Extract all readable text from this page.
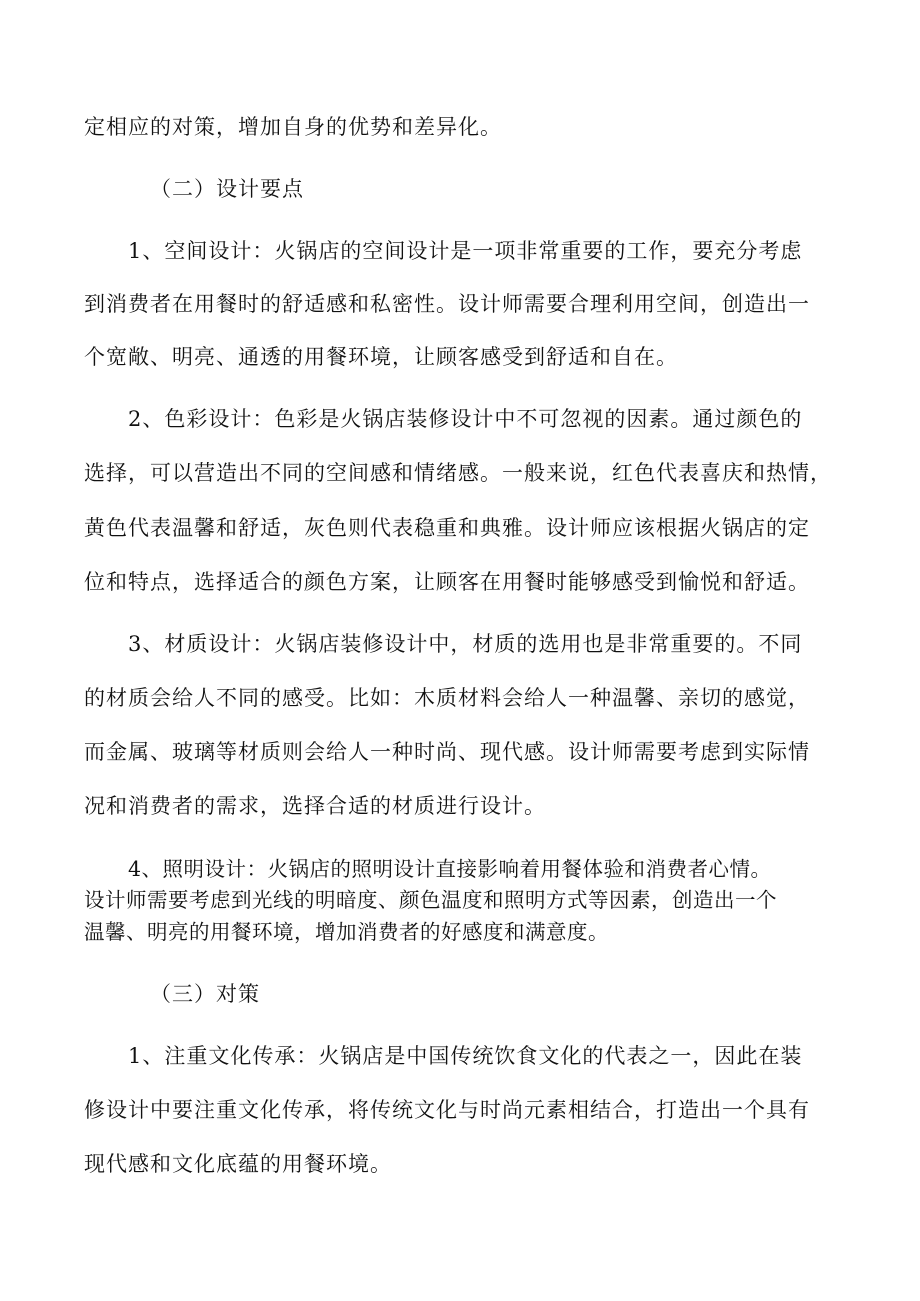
定相应的对策，增加自身的优势和差异化。
（二）设计要点
1、空间设计：火锅店的空间设计是一项非常重要的工作，要充分考虑
到消费者在用餐时的舒适感和私密性。设计师需要合理利用空间，创造出一
个宽敞、明亮、通透的用餐环境，让顾客感受到舒适和自在。
2、色彩设计：色彩是火锅店装修设计中不可忽视的因素。通过颜色的
选择，可以营造出不同的空间感和情绪感。一般来说，红色代表喜庆和热情，
黄色代表温馨和舒适，灰色则代表稳重和典雅。设计师应该根据火锅店的定
位和特点，选择适合的颜色方案，让顾客在用餐时能够感受到愉悦和舒适。
3、材质设计：火锅店装修设计中，材质的选用也是非常重要的。不同
的材质会给人不同的感受。比如：木质材料会给人一种温馨、亲切的感觉，
而金属、玻璃等材质则会给人一种时尚、现代感。设计师需要考虑到实际情
况和消费者的需求，选择合适的材质进行设计。
4、照明设计：火锅店的照明设计直接影响着用餐体验和消费者心情。
设计师需要考虑到光线的明暗度、颜色温度和照明方式等因素，创造出一个
温馨、明亮的用餐环境，增加消费者的好感度和满意度。
（三）对策
1、注重文化传承：火锅店是中国传统饮食文化的代表之一，因此在装
修设计中要注重文化传承，将传统文化与时尚元素相结合，打造出一个具有
现代感和文化底蕴的用餐环境。
